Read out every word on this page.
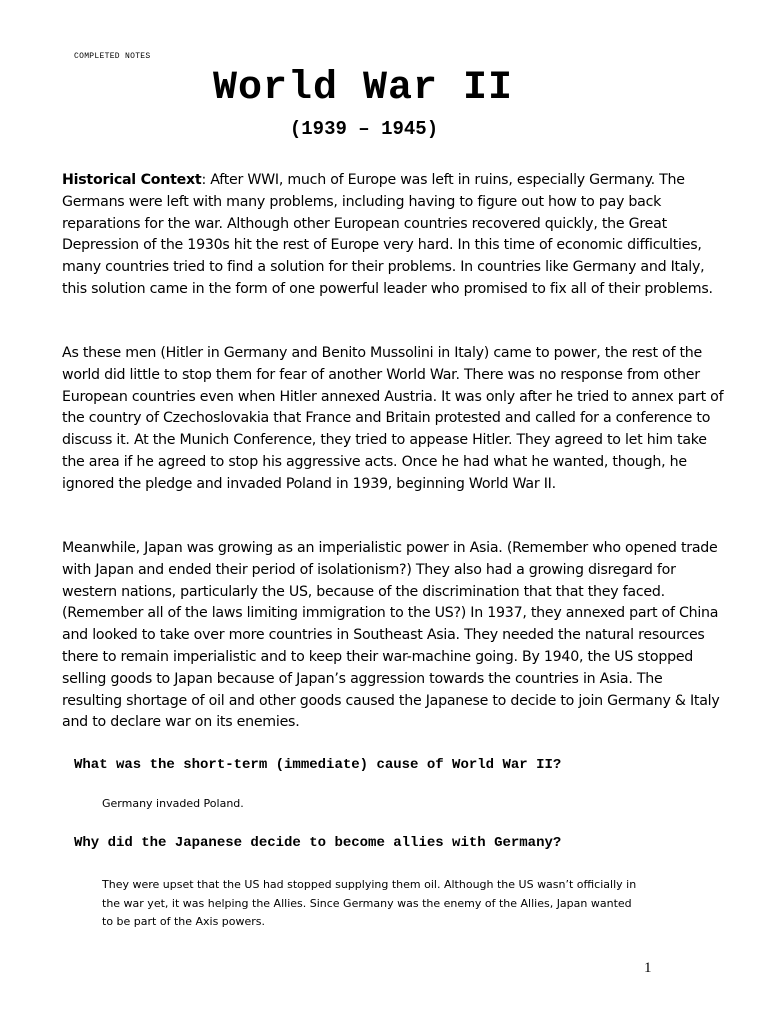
COMPLETED NOTES
World War II
(1939 – 1945)
Historical Context: After WWI, much of Europe was left in ruins, especially Germany. The Germans were left with many problems, including having to figure out how to pay back reparations for the war. Although other European countries recovered quickly, the Great Depression of the 1930s hit the rest of Europe very hard. In this time of economic difficulties, many countries tried to find a solution for their problems. In countries like Germany and Italy, this solution came in the form of one powerful leader who promised to fix all of their problems.
As these men (Hitler in Germany and Benito Mussolini in Italy) came to power, the rest of the world did little to stop them for fear of another World War. There was no response from other European countries even when Hitler annexed Austria. It was only after he tried to annex part of the country of Czechoslovakia that France and Britain protested and called for a conference to discuss it. At the Munich Conference, they tried to appease Hitler. They agreed to let him take the area if he agreed to stop his aggressive acts. Once he had what he wanted, though, he ignored the pledge and invaded Poland in 1939, beginning World War II.
Meanwhile, Japan was growing as an imperialistic power in Asia. (Remember who opened trade with Japan and ended their period of isolationism?) They also had a growing disregard for western nations, particularly the US, because of the discrimination that that they faced. (Remember all of the laws limiting immigration to the US?) In 1937, they annexed part of China and looked to take over more countries in Southeast Asia. They needed the natural resources there to remain imperialistic and to keep their war-machine going. By 1940, the US stopped selling goods to Japan because of Japan’s aggression towards the countries in Asia. The resulting shortage of oil and other goods caused the Japanese to decide to join Germany & Italy and to declare war on its enemies.
What was the short-term (immediate) cause of World War II?
Germany invaded Poland.
Why did the Japanese decide to become allies with Germany?
They were upset that the US had stopped supplying them oil. Although the US wasn’t officially in the war yet, it was helping the Allies. Since Germany was the enemy of the Allies, Japan wanted to be part of the Axis powers.
1
